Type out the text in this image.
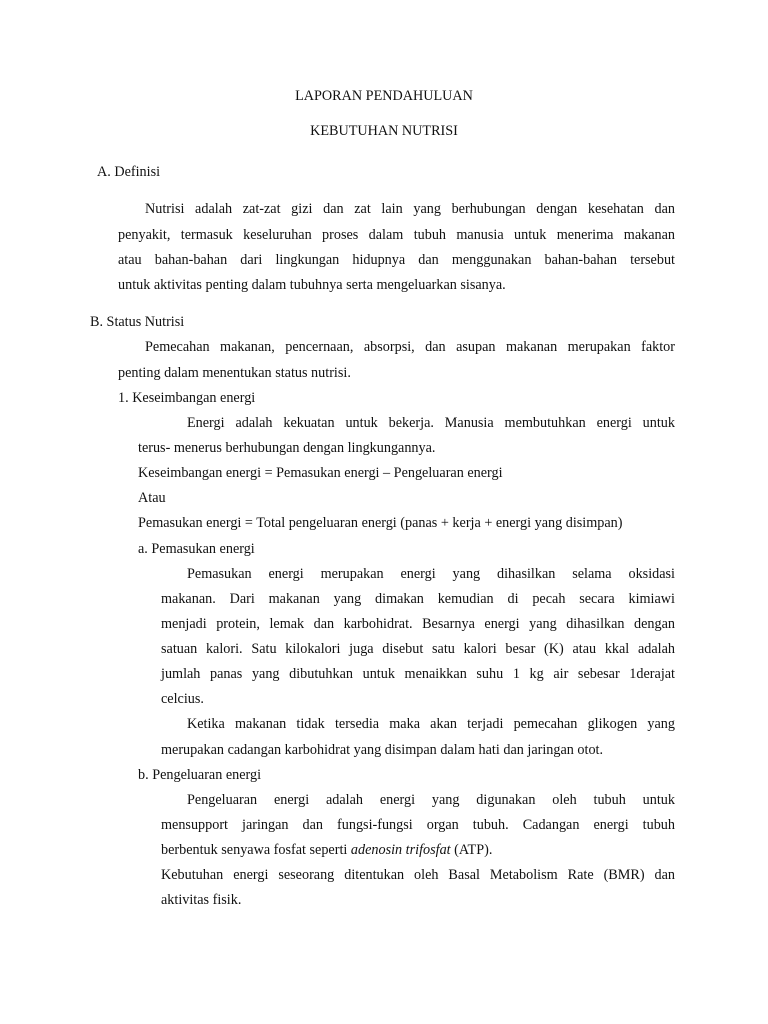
LAPORAN PENDAHULUAN
KEBUTUHAN NUTRISI
A. Definisi
Nutrisi adalah zat-zat gizi dan zat lain yang berhubungan dengan kesehatan dan
penyakit, termasuk keseluruhan proses dalam tubuh manusia untuk menerima makanan
atau bahan-bahan dari lingkungan hidupnya dan menggunakan bahan-bahan tersebut
untuk aktivitas penting dalam tubuhnya serta mengeluarkan sisanya.
B. Status Nutrisi
Pemecahan makanan, pencernaan, absorpsi, dan asupan makanan merupakan faktor
penting dalam menentukan status nutrisi.
1. Keseimbangan energi
Energi adalah kekuatan untuk bekerja. Manusia membutuhkan energi untuk
terus- menerus berhubungan dengan lingkungannya.
Keseimbangan energi = Pemasukan energi – Pengeluaran energi
Atau
Pemasukan energi = Total pengeluaran energi (panas + kerja + energi yang disimpan)
a. Pemasukan energi
Pemasukan energi merupakan energi yang dihasilkan selama oksidasi
makanan. Dari makanan yang dimakan kemudian di pecah secara kimiawi
menjadi protein, lemak dan karbohidrat. Besarnya energi yang dihasilkan dengan
satuan kalori. Satu kilokalori juga disebut satu kalori besar (K) atau kkal adalah
jumlah panas yang dibutuhkan untuk menaikkan suhu 1 kg air sebesar 1derajat
celcius.
Ketika makanan tidak tersedia maka akan terjadi pemecahan glikogen yang
merupakan cadangan karbohidrat yang disimpan dalam hati dan jaringan otot.
b. Pengeluaran energi
Pengeluaran energi adalah energi yang digunakan oleh tubuh untuk
mensupport jaringan dan fungsi-fungsi organ tubuh. Cadangan energi tubuh
berbentuk senyawa fosfat seperti adenosin trifosfat (ATP).
Kebutuhan energi seseorang ditentukan oleh Basal Metabolism Rate (BMR) dan
aktivitas fisik.
